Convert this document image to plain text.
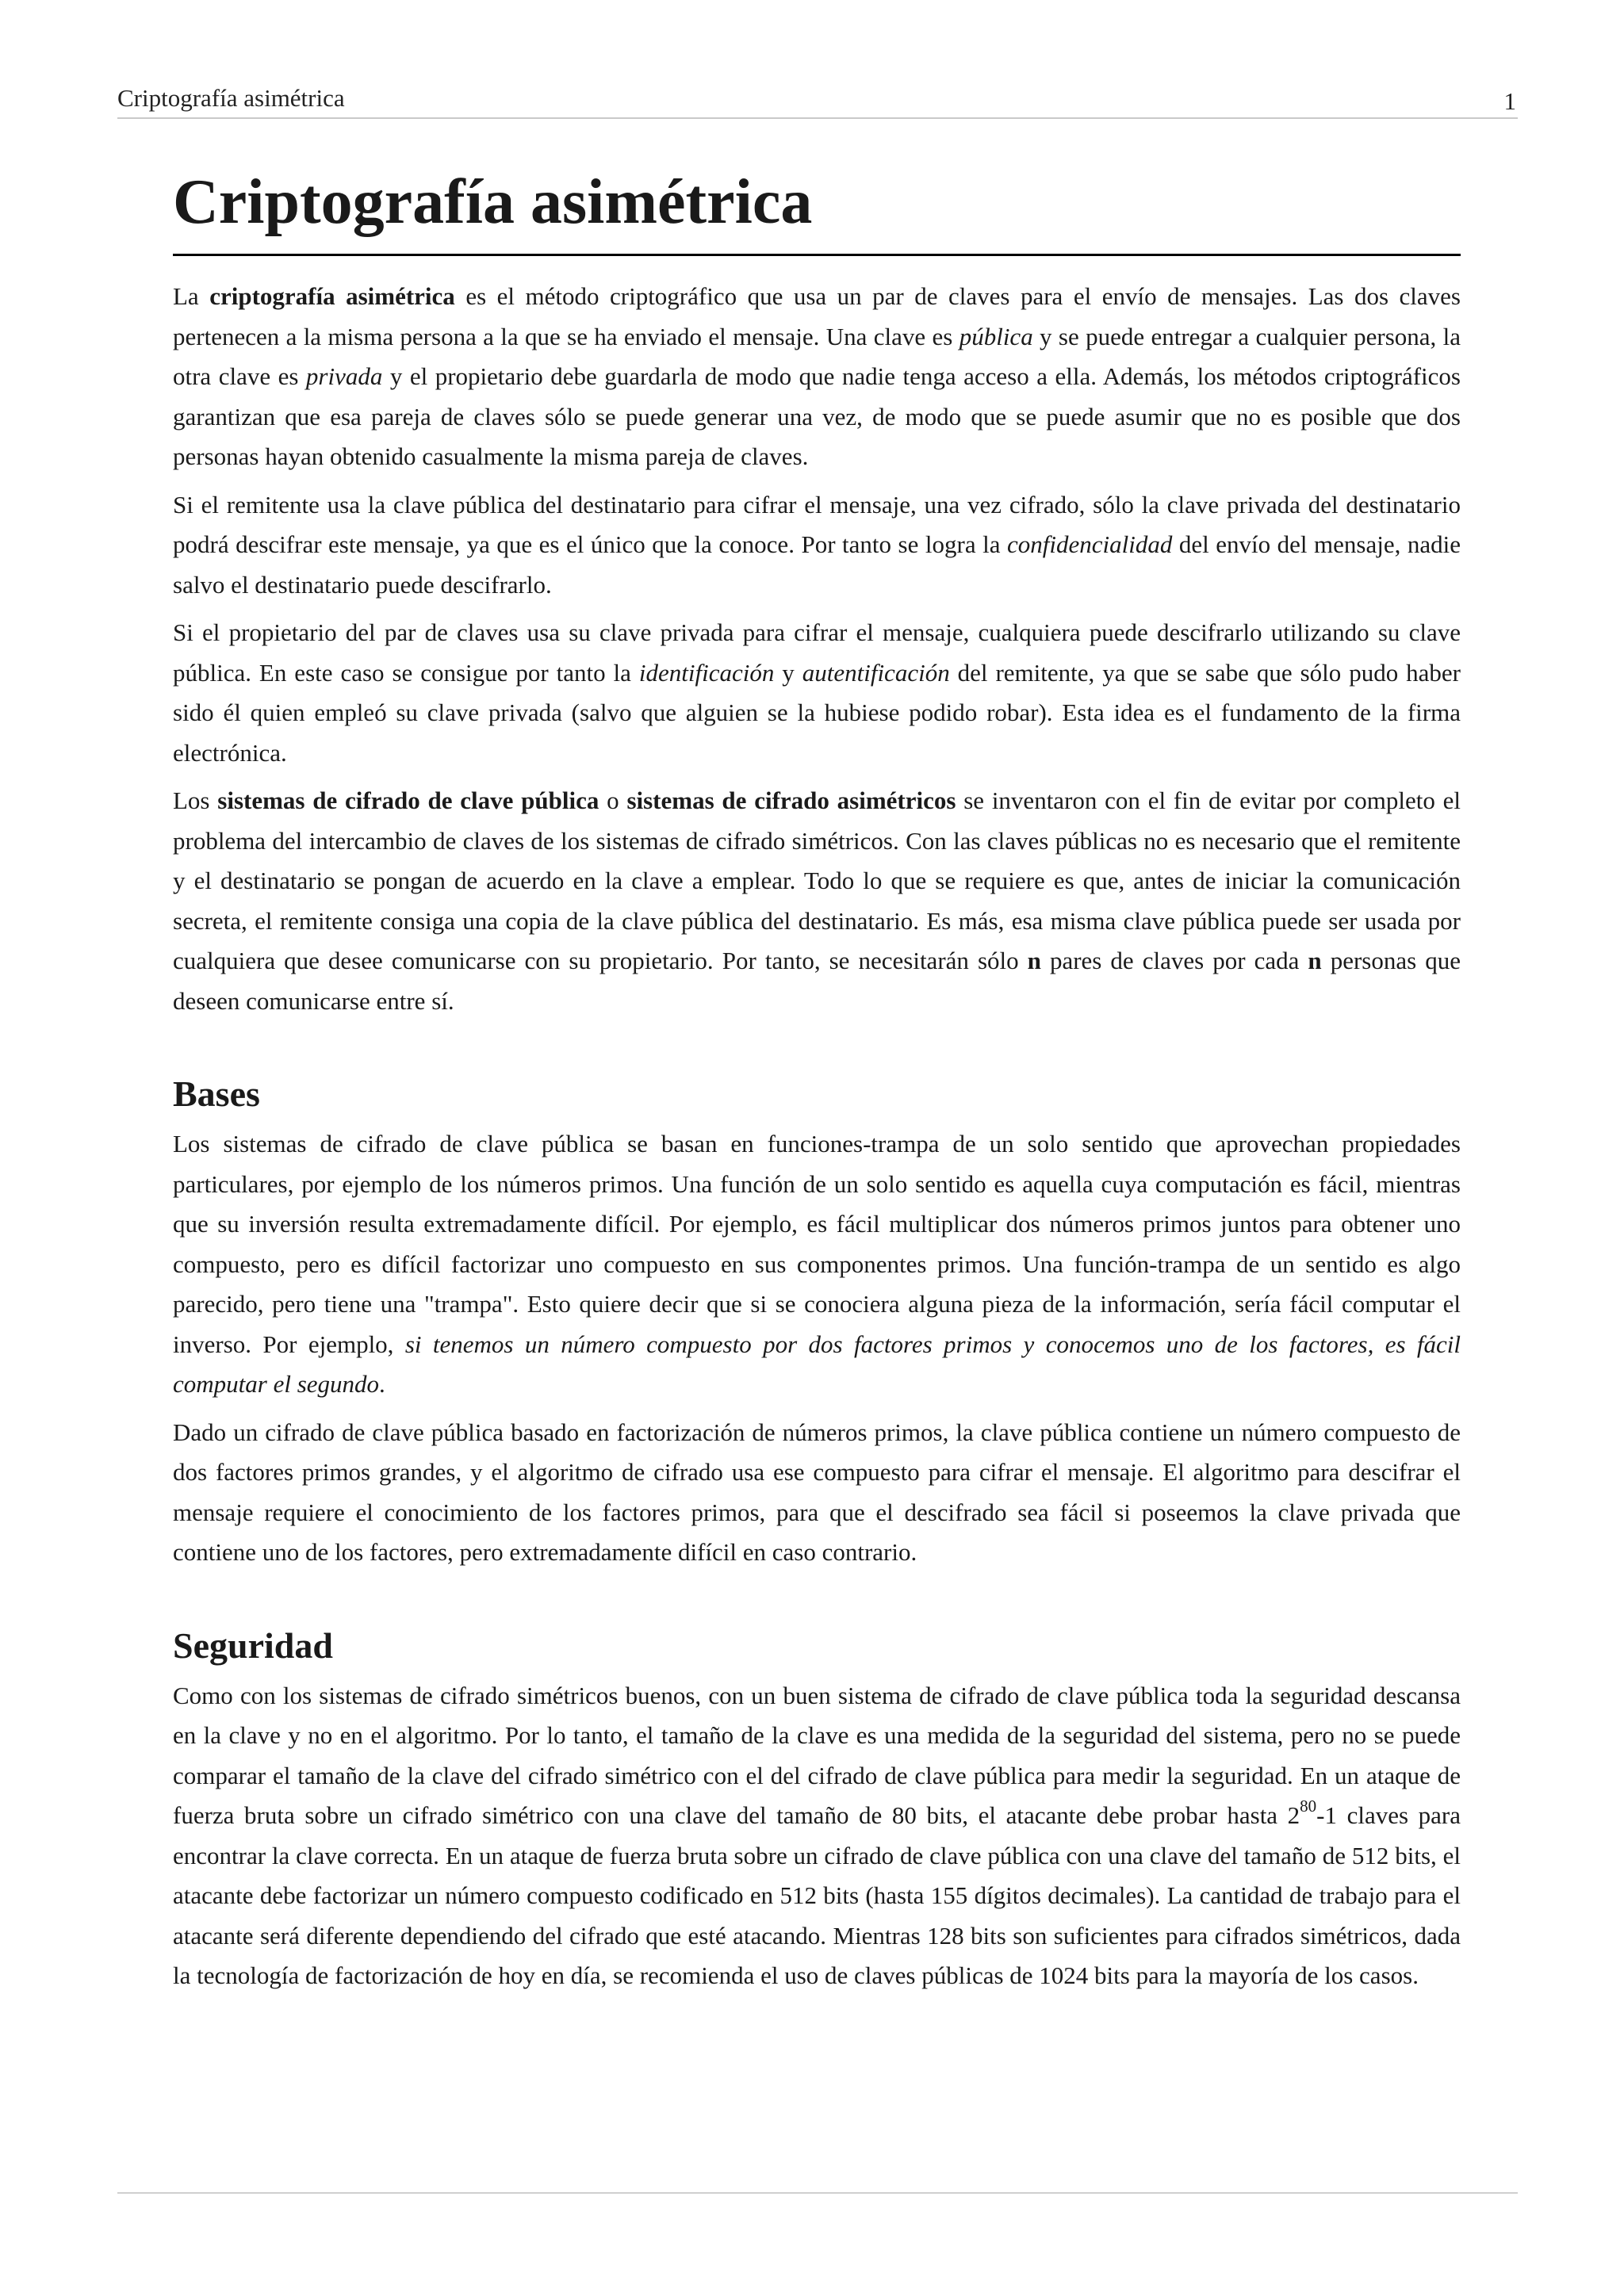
Criptografía asimétrica	1
Criptografía asimétrica

La criptografía asimétrica es el método criptográfico que usa un par de claves para el envío de mensajes. Las dos claves pertenecen a la misma persona a la que se ha enviado el mensaje. Una clave es pública y se puede entregar a cualquier persona, la otra clave es privada y el propietario debe guardarla de modo que nadie tenga acceso a ella. Además, los métodos criptográficos garantizan que esa pareja de claves sólo se puede generar una vez, de modo que se puede asumir que no es posible que dos personas hayan obtenido casualmente la misma pareja de claves.

Si el remitente usa la clave pública del destinatario para cifrar el mensaje, una vez cifrado, sólo la clave privada del destinatario podrá descifrar este mensaje, ya que es el único que la conoce. Por tanto se logra la confidencialidad del envío del mensaje, nadie salvo el destinatario puede descifrarlo.

Si el propietario del par de claves usa su clave privada para cifrar el mensaje, cualquiera puede descifrarlo utilizando su clave pública. En este caso se consigue por tanto la identificación y autentificación del remitente, ya que se sabe que sólo pudo haber sido él quien empleó su clave privada (salvo que alguien se la hubiese podido robar). Esta idea es el fundamento de la firma electrónica.

Los sistemas de cifrado de clave pública o sistemas de cifrado asimétricos se inventaron con el fin de evitar por completo el problema del intercambio de claves de los sistemas de cifrado simétricos. Con las claves públicas no es necesario que el remitente y el destinatario se pongan de acuerdo en la clave a emplear. Todo lo que se requiere es que, antes de iniciar la comunicación secreta, el remitente consiga una copia de la clave pública del destinatario. Es más, esa misma clave pública puede ser usada por cualquiera que desee comunicarse con su propietario. Por tanto, se necesitarán sólo n pares de claves por cada n personas que deseen comunicarse entre sí.

Bases

Los sistemas de cifrado de clave pública se basan en funciones-trampa de un solo sentido que aprovechan propiedades particulares, por ejemplo de los números primos. Una función de un solo sentido es aquella cuya computación es fácil, mientras que su inversión resulta extremadamente difícil. Por ejemplo, es fácil multiplicar dos números primos juntos para obtener uno compuesto, pero es difícil factorizar uno compuesto en sus componentes primos. Una función-trampa de un sentido es algo parecido, pero tiene una "trampa". Esto quiere decir que si se conociera alguna pieza de la información, sería fácil computar el inverso. Por ejemplo, si tenemos un número compuesto por dos factores primos y conocemos uno de los factores, es fácil computar el segundo.

Dado un cifrado de clave pública basado en factorización de números primos, la clave pública contiene un número compuesto de dos factores primos grandes, y el algoritmo de cifrado usa ese compuesto para cifrar el mensaje. El algoritmo para descifrar el mensaje requiere el conocimiento de los factores primos, para que el descifrado sea fácil si poseemos la clave privada que contiene uno de los factores, pero extremadamente difícil en caso contrario.

Seguridad

Como con los sistemas de cifrado simétricos buenos, con un buen sistema de cifrado de clave pública toda la seguridad descansa en la clave y no en el algoritmo. Por lo tanto, el tamaño de la clave es una medida de la seguridad del sistema, pero no se puede comparar el tamaño de la clave del cifrado simétrico con el del cifrado de clave pública para medir la seguridad. En un ataque de fuerza bruta sobre un cifrado simétrico con una clave del tamaño de 80 bits, el atacante debe probar hasta $2^{80}-1$ claves para encontrar la clave correcta. En un ataque de fuerza bruta sobre un cifrado de clave pública con una clave del tamaño de 512 bits, el atacante debe factorizar un número compuesto codificado en 512 bits (hasta 155 dígitos decimales). La cantidad de trabajo para el atacante será diferente dependiendo del cifrado que esté atacando. Mientras 128 bits son suficientes para cifrados simétricos, dada la tecnología de factorización de hoy en día, se recomienda el uso de claves públicas de 1024 bits para la mayoría de los casos.
